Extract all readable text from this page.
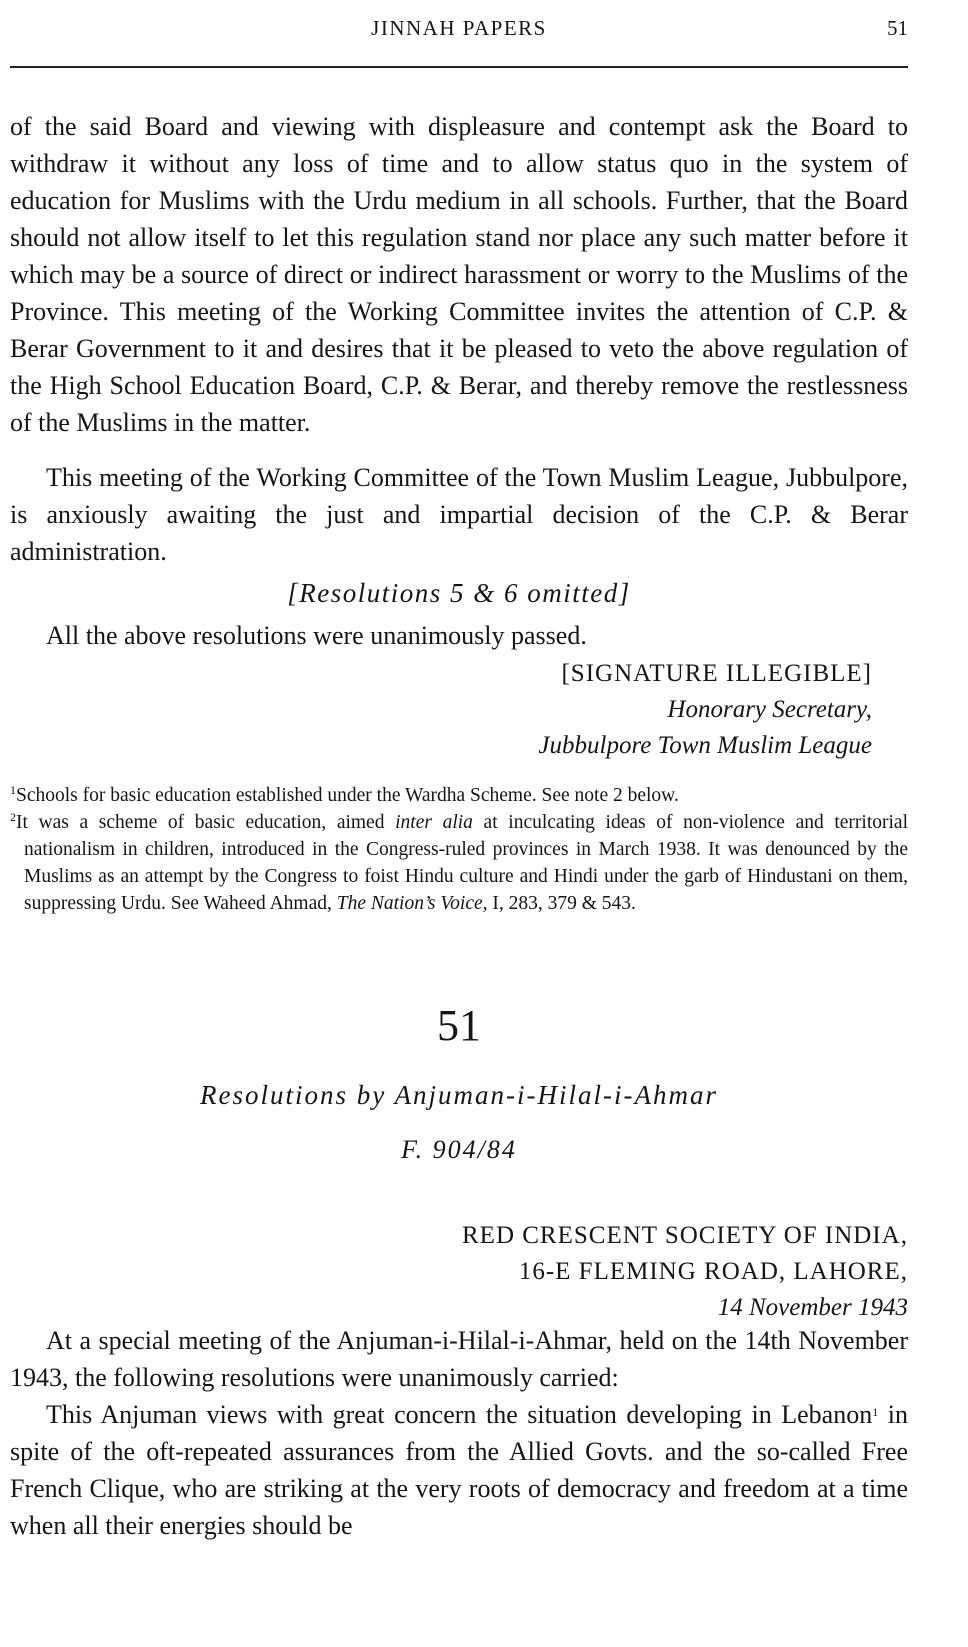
JINNAH PAPERS	51

of the said Board and viewing with displeasure and contempt ask the Board to withdraw it without any loss of time and to allow status quo in the system of education for Muslims with the Urdu medium in all schools. Further, that the Board should not allow itself to let this regulation stand nor place any such matter before it which may be a source of direct or indirect harassment or worry to the Muslims of the Province. This meeting of the Working Committee invites the attention of C.P. & Berar Government to it and desires that it be pleased to veto the above regulation of the High School Education Board, C.P. & Berar, and thereby remove the restlessness of the Muslims in the matter.

This meeting of the Working Committee of the Town Muslim League, Jubbulpore, is anxiously awaiting the just and impartial decision of the C.P. & Berar administration.

[Resolutions 5 & 6 omitted]

All the above resolutions were unanimously passed.

[SIGNATURE ILLEGIBLE]
Honorary Secretary,
Jubbulpore Town Muslim League

$^1$Schools for basic education established under the Wardha Scheme. See note 2 below.

$^2$It was a scheme of basic education, aimed inter alia at inculcating ideas of non-violence and territorial nationalism in children, introduced in the Congress-ruled provinces in March 1938. It was denounced by the Muslims as an attempt by the Congress to foist Hindu culture and Hindi under the garb of Hindustani on them, suppressing Urdu. See Waheed Ahmad, The Nation’s Voice, I, 283, 379 & 543.

51

Resolutions by Anjuman-i-Hilal-i-Ahmar

F. 904/84

RED CRESCENT SOCIETY OF INDIA,
16-E FLEMING ROAD, LAHORE,
14 November 1943

At a special meeting of the Anjuman-i-Hilal-i-Ahmar, held on the 14th November 1943, the following resolutions were unanimously carried:

This Anjuman views with great concern the situation developing in Lebanon$^1$ in spite of the oft-repeated assurances from the Allied Govts. and the so-called Free French Clique, who are striking at the very roots of democracy and freedom at a time when all their energies should be
